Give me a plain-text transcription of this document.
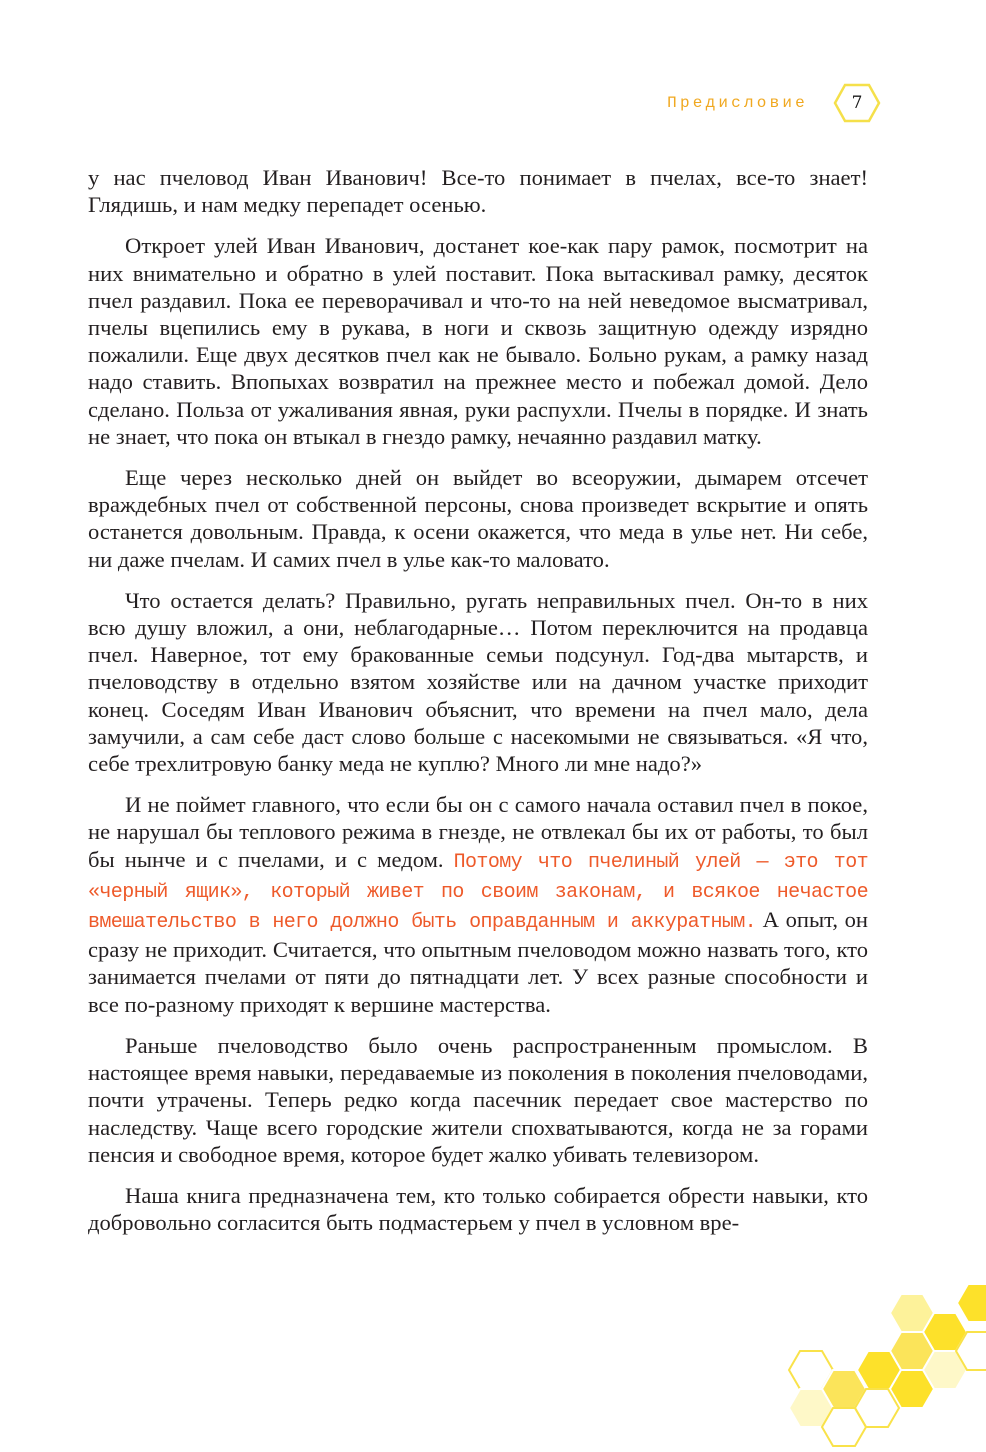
Предисловие	7

у нас пчеловод Иван Иванович! Все-то понимает в пчелах, все-то знает! Глядишь, и нам медку перепадет осенью.

Откроет улей Иван Иванович, достанет кое-как пару рамок, посмотрит на них внимательно и обратно в улей поставит. Пока вытаскивал рамку, десяток пчел раздавил. Пока ее переворачивал и что-то на ней неведомое высматривал, пчелы вцепились ему в рукава, в ноги и сквозь защитную одежду изрядно пожалили. Еще двух десятков пчел как не бывало. Больно рукам, а рамку назад надо ставить. Впопыхах возвратил на прежнее место и побежал домой. Дело сделано. Польза от ужаливания явная, руки распухли. Пчелы в порядке. И знать не знает, что пока он втыкал в гнездо рамку, нечаянно раздавил матку.

Еще через несколько дней он выйдет во всеоружии, дымарем отсечет враждебных пчел от собственной персоны, снова произведет вскрытие и опять останется довольным. Правда, к осени окажется, что меда в улье нет. Ни себе, ни даже пчелам. И самих пчел в улье как-то маловато.

Что остается делать? Правильно, ругать неправильных пчел. Он-то в них всю душу вложил, а они, неблагодарные… Потом переключится на продавца пчел. Наверное, тот ему бракованные семьи подсунул. Год-два мытарств, и пчеловодству в отдельно взятом хозяйстве или на дачном участке приходит конец. Соседям Иван Иванович объяснит, что времени на пчел мало, дела замучили, а сам себе даст слово больше с насекомыми не связываться. «Я что, себе трехлитровую банку меда не куплю? Много ли мне надо?»

И не поймет главного, что если бы он с самого начала оставил пчел в покое, не нарушал бы теплового режима в гнезде, не отвлекал бы их от работы, то был бы нынче и с пчелами, и с медом. Потому что пчелиный улей — это тот «черный ящик», который живет по своим законам, и всякое нечастое вмешательство в него должно быть оправданным и аккуратным. А опыт, он сразу не приходит. Считается, что опытным пчеловодом можно назвать того, кто занимается пчелами от пяти до пятнадцати лет. У всех разные способности и все по-разному приходят к вершине мастерства.

Раньше пчеловодство было очень распространенным промыслом. В настоящее время навыки, передаваемые из поколения в поколения пчеловодами, почти утрачены. Теперь редко когда пасечник передает свое мастерство по наследству. Чаще всего городские жители спохватываются, когда не за горами пенсия и свободное время, которое будет жалко убивать телевизором.

Наша книга предназначена тем, кто только собирается обрести навыки, кто добровольно согласится быть подмастерьем у пчел в условном вре-
